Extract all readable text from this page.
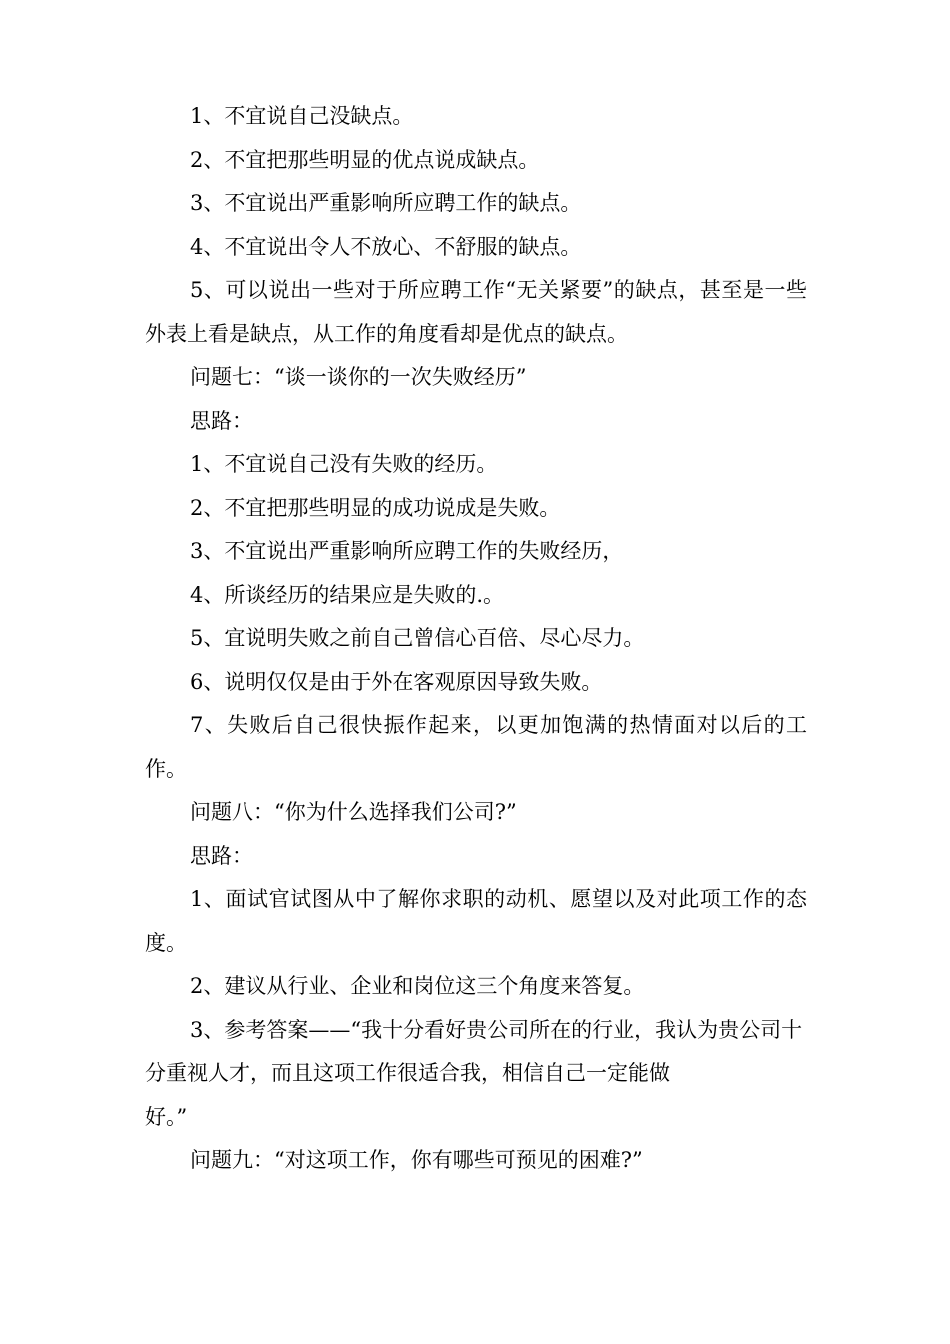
1、不宜说自己没缺点。

2、不宜把那些明显的优点说成缺点。

3、不宜说出严重影响所应聘工作的缺点。

4、不宜说出令人不放心、不舒服的缺点。

5、可以说出一些对于所应聘工作“无关紧要”的缺点，甚至是一些外表上看是缺点，从工作的角度看却是优点的缺点。

问题七：“谈一谈你的一次失败经历”

思路：

1、不宜说自己没有失败的经历。

2、不宜把那些明显的成功说成是失败。

3、不宜说出严重影响所应聘工作的失败经历，

4、所谈经历的结果应是失败的.。

5、宜说明失败之前自己曾信心百倍、尽心尽力。

6、说明仅仅是由于外在客观原因导致失败。

7、失败后自己很快振作起来，以更加饱满的热情面对以后的工作。

问题八：“你为什么选择我们公司?”

思路：

1、面试官试图从中了解你求职的动机、愿望以及对此项工作的态度。

2、建议从行业、企业和岗位这三个角度来答复。

3、参考答案——“我十分看好贵公司所在的行业，我认为贵公司十分重视人才，而且这项工作很适合我，相信自己一定能做

好。”

问题九：“对这项工作，你有哪些可预见的困难?”
